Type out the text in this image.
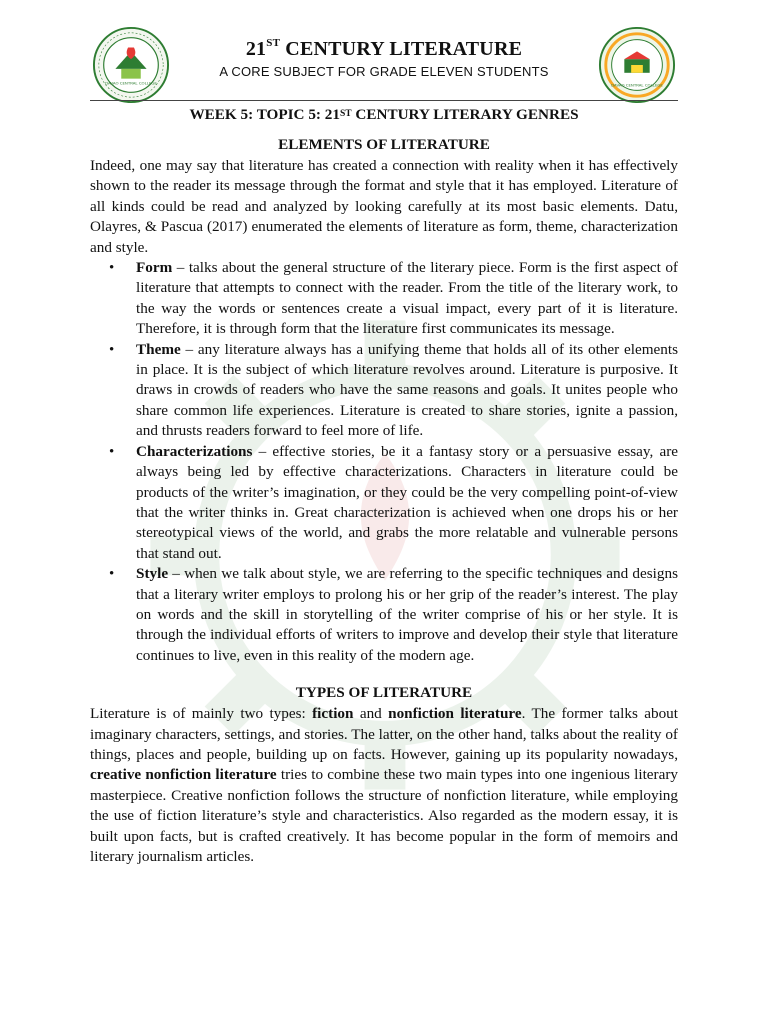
DAVAO CENTRAL COLLEGE	DAVAO CENTRAL COLLEGE
21ST CENTURY LITERATURE
A CORE SUBJECT FOR GRADE ELEVEN STUDENTS
WEEK 5: TOPIC 5: 21ST CENTURY LITERARY GENRES
ELEMENTS OF LITERATURE

Indeed, one may say that literature has created a connection with reality when it has effectively shown to the reader its message through the format and style that it has employed. Literature of all kinds could be read and analyzed by looking carefully at its most basic elements. Datu, Olayres, & Pascua (2017) enumerated the elements of literature as form, theme, characterization and style.

• Form – talks about the general structure of the literary piece. Form is the first aspect of literature that attempts to connect with the reader. From the title of the literary work, to the way the words or sentences create a visual impact, every part of it is literature. Therefore, it is through form that the literature first communicates its message.
• Theme – any literature always has a unifying theme that holds all of its other elements in place. It is the subject of which literature revolves around. Literature is purposive. It draws in crowds of readers who have the same reasons and goals. It unites people who share common life experiences. Literature is created to share stories, ignite a passion, and thrusts readers forward to feel more of life.
• Characterizations – effective stories, be it a fantasy story or a persuasive essay, are always being led by effective characterizations. Characters in literature could be products of the writer’s imagination, or they could be the very compelling point-of-view that the writer thinks in. Great characterization is achieved when one drops his or her stereotypical views of the world, and grabs the more relatable and vulnerable persons that stand out.
• Style – when we talk about style, we are referring to the specific techniques and designs that a literary writer employs to prolong his or her grip of the reader’s interest. The play on words and the skill in storytelling of the writer comprise of his or her style. It is through the individual efforts of writers to improve and develop their style that literature continues to live, even in this reality of the modern age.
TYPES OF LITERATURE

Literature is of mainly two types: fiction and nonfiction literature. The former talks about imaginary characters, settings, and stories. The latter, on the other hand, talks about the reality of things, places and people, building up on facts. However, gaining up its popularity nowadays, creative nonfiction literature tries to combine these two main types into one ingenious literary masterpiece. Creative nonfiction follows the structure of nonfiction literature, while employing the use of fiction literature’s style and characteristics. Also regarded as the modern essay, it is built upon facts, but is crafted creatively. It has become popular in the form of memoirs and literary journalism articles.
